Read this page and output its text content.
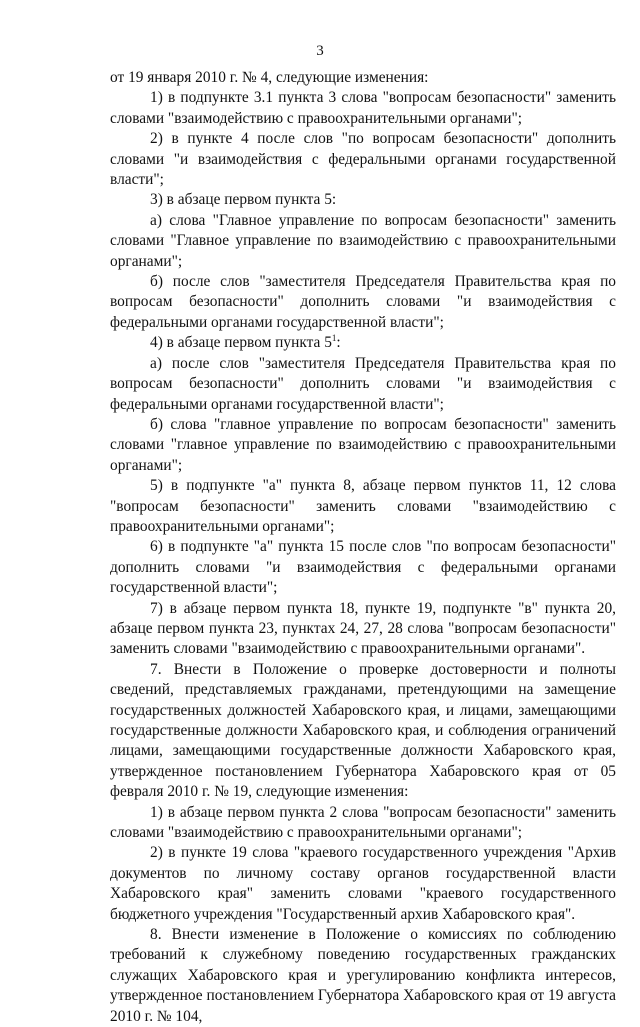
3

от 19 января 2010 г. № 4, следующие изменения:

1) в подпункте 3.1 пункта 3 слова "вопросам безопасности" заменить словами "взаимодействию с правоохранительными органами";

2) в пункте 4 после слов "по вопросам безопасности" дополнить словами "и взаимодействия с федеральными органами государственной власти";

3) в абзаце первом пункта 5:

а) слова "Главное управление по вопросам безопасности" заменить словами "Главное управление по взаимодействию с правоохранительными органами";

б) после слов "заместителя Председателя Правительства края по вопросам безопасности" дополнить словами "и взаимодействия с федеральными органами государственной власти";

4) в абзаце первом пункта $5^1$:

а) после слов "заместителя Председателя Правительства края по вопросам безопасности" дополнить словами "и взаимодействия с федеральными органами государственной власти";

б) слова "главное управление по вопросам безопасности" заменить словами "главное управление по взаимодействию с правоохранительными органами";

5) в подпункте "а" пункта 8, абзаце первом пунктов 11, 12 слова "вопросам безопасности" заменить словами "взаимодействию с правоохранительными органами";

6) в подпункте "а" пункта 15 после слов "по вопросам безопасности" дополнить словами "и взаимодействия с федеральными органами государственной власти";

7) в абзаце первом пункта 18, пункте 19, подпункте "в" пункта 20, абзаце первом пункта 23, пунктах 24, 27, 28 слова "вопросам безопасности" заменить словами "взаимодействию с правоохранительными органами".

7. Внести в Положение о проверке достоверности и полноты сведений, представляемых гражданами, претендующими на замещение государственных должностей Хабаровского края, и лицами, замещающими государственные должности Хабаровского края, и соблюдения ограничений лицами, замещающими государственные должности Хабаровского края, утвержденное постановлением Губернатора Хабаровского края от 05 февраля 2010 г. № 19, следующие изменения:

1) в абзаце первом пункта 2 слова "вопросам безопасности" заменить словами "взаимодействию с правоохранительными органами";

2) в пункте 19 слова "краевого государственного учреждения "Архив документов по личному составу органов государственной власти Хабаровского края" заменить словами "краевого государственного бюджетного учреждения "Государственный архив Хабаровского края".

8. Внести изменение в Положение о комиссиях по соблюдению требований к служебному поведению государственных гражданских служащих Хабаровского края и урегулированию конфликта интересов, утвержденное постановлением Губернатора Хабаровского края от 19 августа 2010 г. № 104,
